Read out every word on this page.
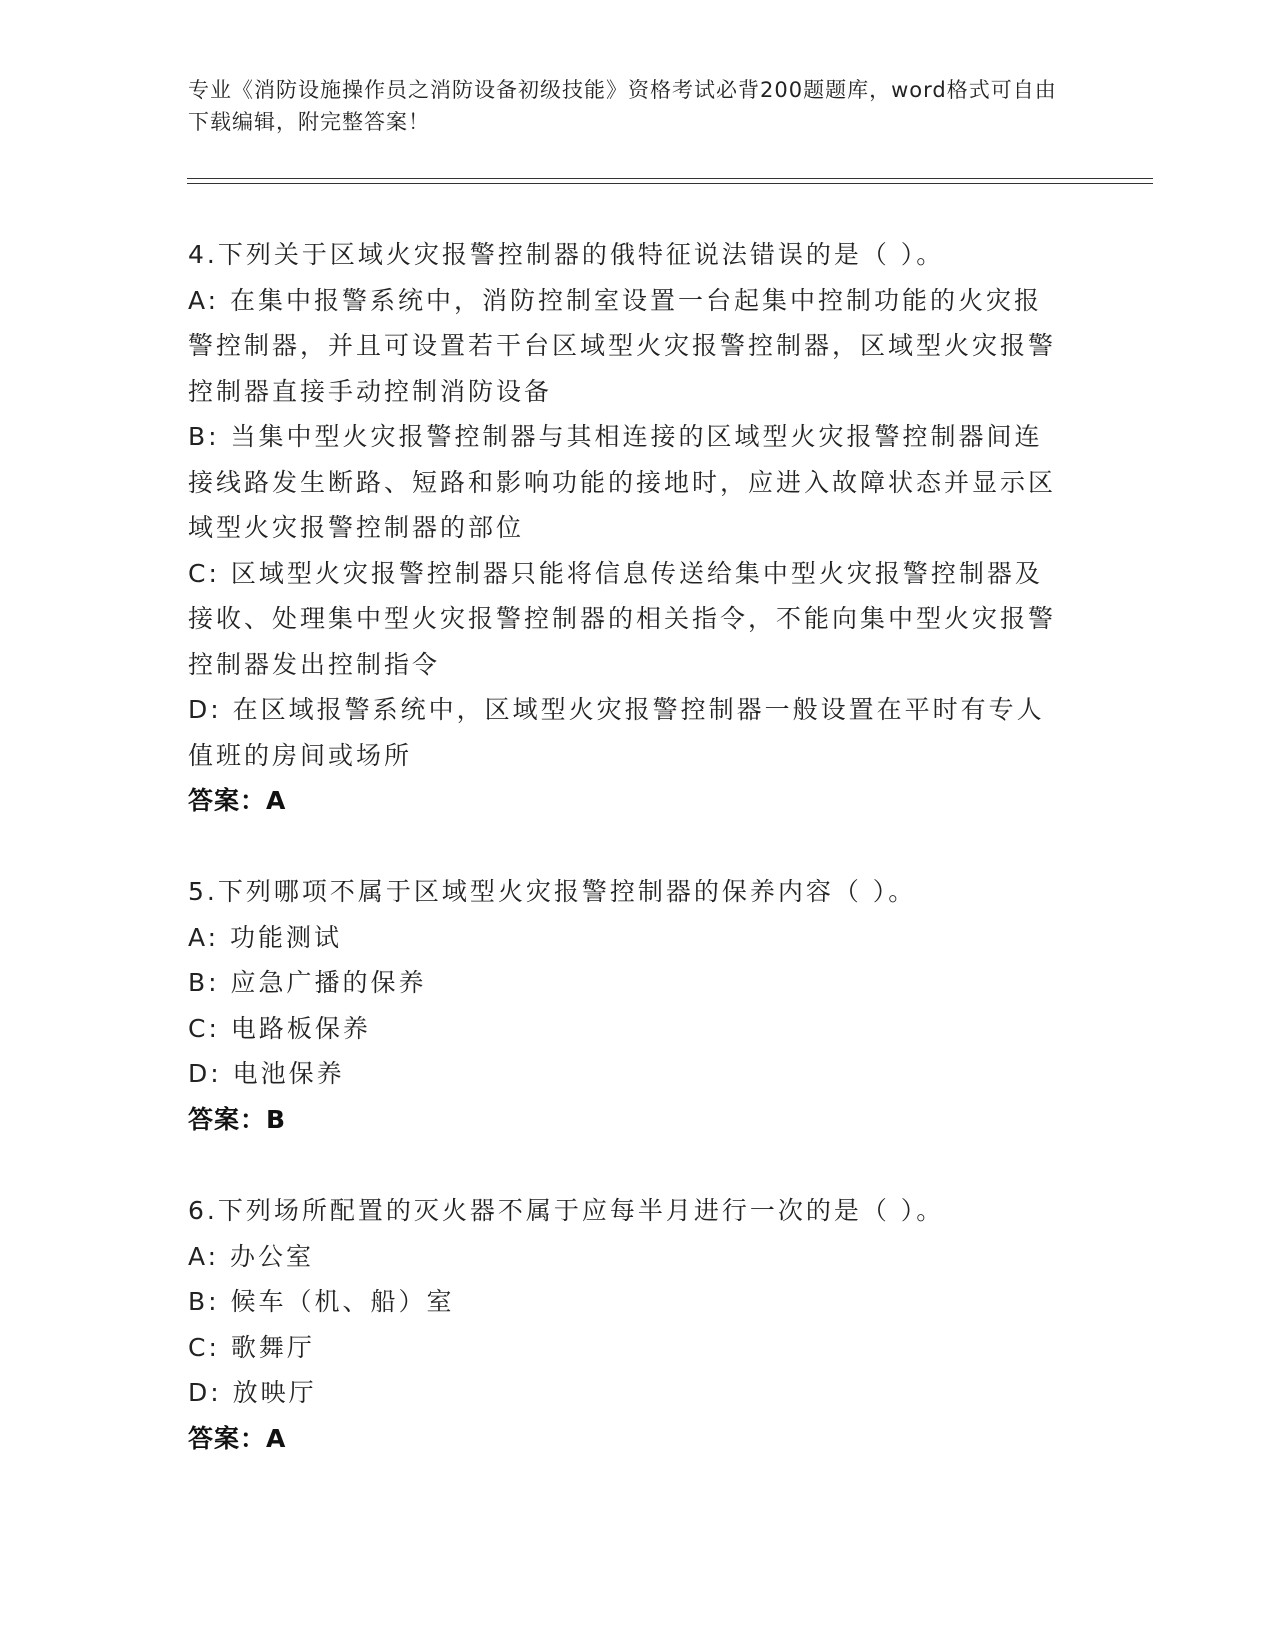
专业《消防设施操作员之消防设备初级技能》资格考试必背200题题库，word格式可自由下载编辑，附完整答案！
4.下列关于区域火灾报警控制器的俄特征说法错误的是（ ）。
A: 在集中报警系统中，消防控制室设置一台起集中控制功能的火灾报警控制器，并且可设置若干台区域型火灾报警控制器，区域型火灾报警控制器直接手动控制消防设备
B: 当集中型火灾报警控制器与其相连接的区域型火灾报警控制器间连接线路发生断路、短路和影响功能的接地时，应进入故障状态并显示区域型火灾报警控制器的部位
C: 区域型火灾报警控制器只能将信息传送给集中型火灾报警控制器及接收、处理集中型火灾报警控制器的相关指令，不能向集中型火灾报警控制器发出控制指令
D: 在区域报警系统中，区域型火灾报警控制器一般设置在平时有专人值班的房间或场所
答案：A
5.下列哪项不属于区域型火灾报警控制器的保养内容（ ）。
A: 功能测试
B: 应急广播的保养
C: 电路板保养
D: 电池保养
答案：B
6.下列场所配置的灭火器不属于应每半月进行一次的是（ ）。
A: 办公室
B: 候车（机、船）室
C: 歌舞厅
D: 放映厅
答案：A
